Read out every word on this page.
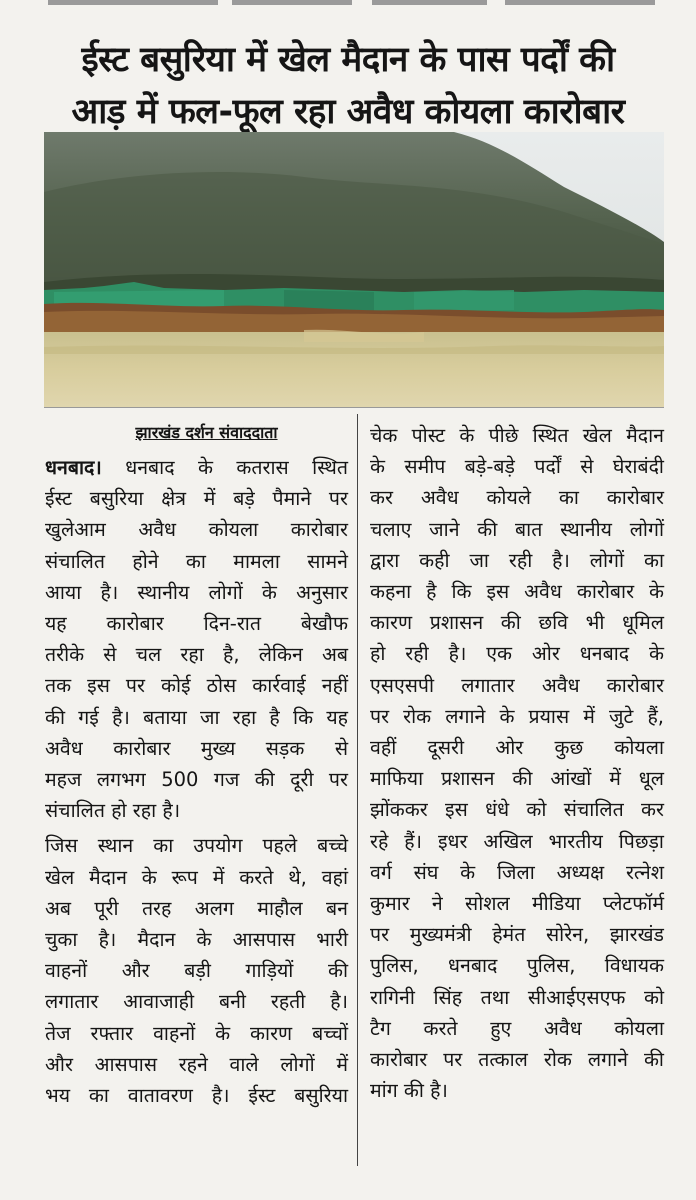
ईस्ट बसुरिया में खेल मैदान के पास पर्दों की
आड़ में फल-फूल रहा अवैध कोयला कारोबार
झारखंड दर्शन संवाददाता
धनबाद। धनबाद के कतरास स्थित
ईस्ट बसुरिया क्षेत्र में बड़े पैमाने पर
खुलेआम अवैध कोयला कारोबार
संचालित होने का मामला सामने
आया है। स्थानीय लोगों के अनुसार
यह कारोबार दिन-रात बेखौफ
तरीके से चल रहा है, लेकिन अब
तक इस पर कोई ठोस कार्रवाई नहीं
की गई है। बताया जा रहा है कि यह
अवैध कारोबार मुख्य सड़क से
महज लगभग 500 गज की दूरी पर
संचालित हो रहा है।
जिस स्थान का उपयोग पहले बच्चे
खेल मैदान के रूप में करते थे, वहां
अब पूरी तरह अलग माहौल बन
चुका है। मैदान के आसपास भारी
वाहनों और बड़ी गाड़ियों की
लगातार आवाजाही बनी रहती है।
तेज रफ्तार वाहनों के कारण बच्चों
और आसपास रहने वाले लोगों में
भय का वातावरण है। ईस्ट बसुरिया
चेक पोस्ट के पीछे स्थित खेल मैदान
के समीप बड़े-बड़े पर्दों से घेराबंदी
कर अवैध कोयले का कारोबार
चलाए जाने की बात स्थानीय लोगों
द्वारा कही जा रही है। लोगों का
कहना है कि इस अवैध कारोबार के
कारण प्रशासन की छवि भी धूमिल
हो रही है। एक ओर धनबाद के
एसएसपी लगातार अवैध कारोबार
पर रोक लगाने के प्रयास में जुटे हैं,
वहीं दूसरी ओर कुछ कोयला
माफिया प्रशासन की आंखों में धूल
झोंककर इस धंधे को संचालित कर
रहे हैं। इधर अखिल भारतीय पिछड़ा
वर्ग संघ के जिला अध्यक्ष रत्नेश
कुमार ने सोशल मीडिया प्लेटफॉर्म
पर मुख्यमंत्री हेमंत सोरेन, झारखंड
पुलिस, धनबाद पुलिस, विधायक
रागिनी सिंह तथा सीआईएसएफ को
टैग करते हुए अवैध कोयला
कारोबार पर तत्काल रोक लगाने की
मांग की है।
